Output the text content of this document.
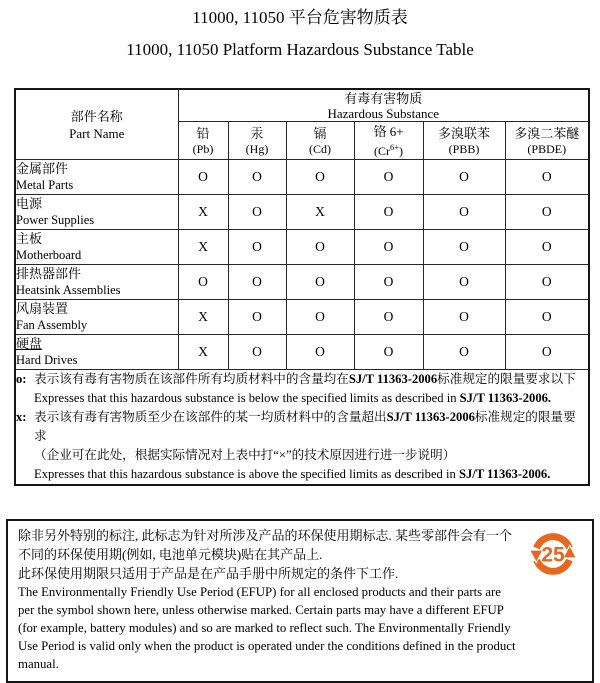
11000, 11050 平台危害物质表
11000, 11050 Platform Hazardous Substance Table
部件名称
Part Name

有毒有害物质
Hazardous Substance

铅
(Pb)

汞
(Hg)

镉
(Cd)

铬 6+
$(Cr^{6+})$

多溴联苯
(PBB)

多溴二苯醚
(PBDE)

金属部件
Metal Parts	O	O	O	O	O	O

电源
Power Supplies	X	O	X	O	O	O

主板
Motherboard	X	O	O	O	O	O

排热器部件
Heatsink Assemblies	O	O	O	O	O	O

风扇装置
Fan Assembly	X	O	O	O	O	O

硬盘
Hard Drives	X	O	O	O	O	O

o: 表示该有毒有害物质在该部件所有均质材料中的含量均在SJ/T 11363-2006标准规定的限量要求以下
Expresses that this hazardous substance is below the specified limits as described in SJ/T 11363-2006.
x: 表示该有毒有害物质至少在该部件的某一均质材料中的含量超出SJ/T 11363-2006标准规定的限量要求
（企业可在此处，根据实际情况对上表中打“×”的技术原因进行进一步说明）
Expresses that this hazardous substance is above the specified limits as described in SJ/T 11363-2006.						
除非另外特别的标注, 此标志为针对所涉及产品的环保使用期标志. 某些零部件会有一个不同的环保使用期(例如, 电池单元模块)贴在其产品上.
此环保使用期限只适用于产品是在产品手册中所规定的条件下工作.
The Environmentally Friendly Use Period (EFUP) for all enclosed products and their parts are per the symbol shown here, unless otherwise marked. Certain parts may have a different EFUP (for example, battery modules) and so are marked to reflect such. The Environmentally Friendly Use Period is valid only when the product is operated under the conditions defined in the product manual.
25
